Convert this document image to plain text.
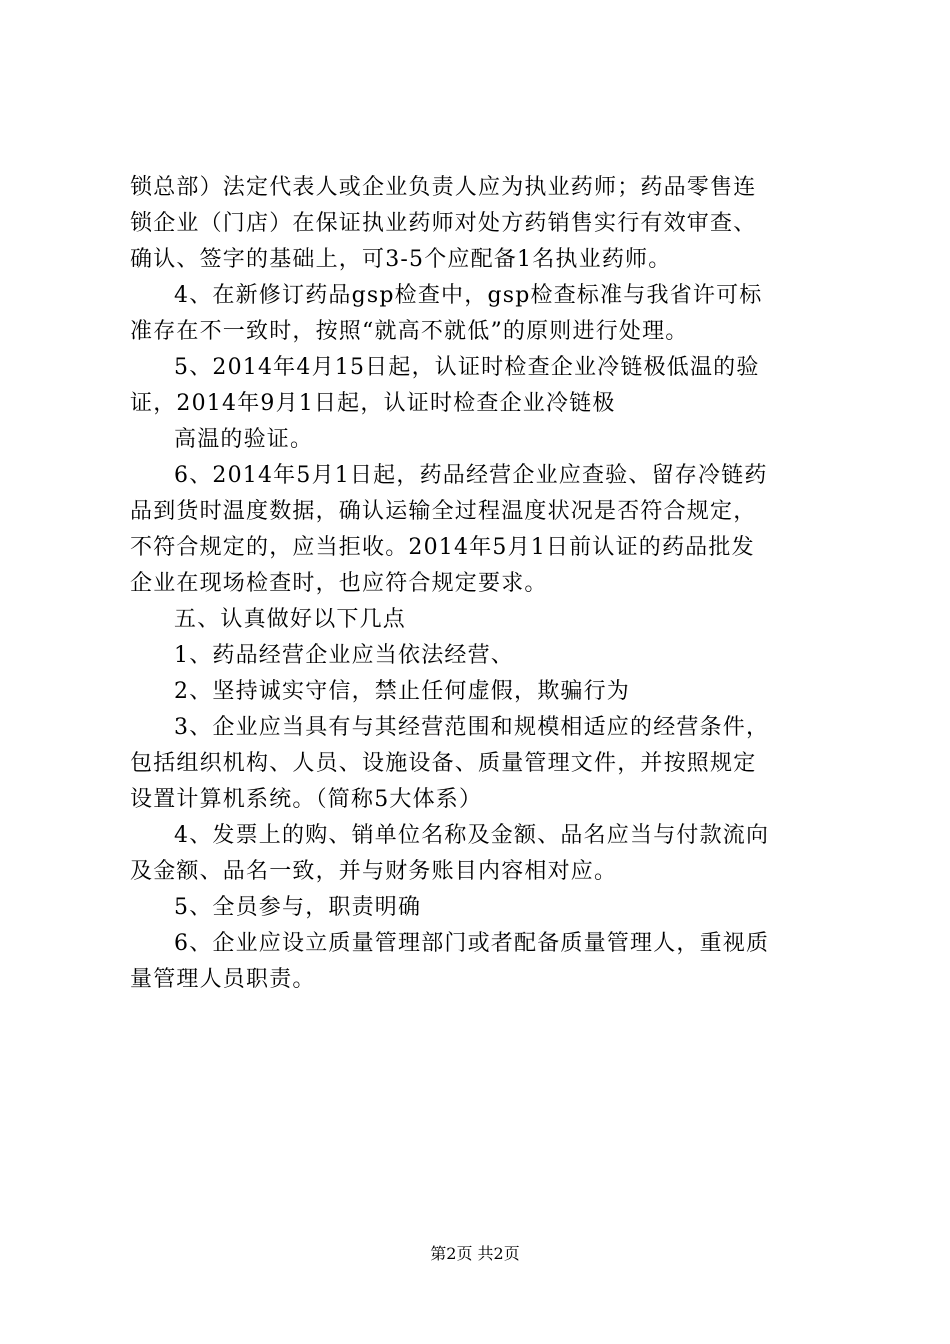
锁总部）法定代表人或企业负责人应为执业药师；药品零售连
锁企业（门店）在保证执业药师对处方药销售实行有效审查、
确认、签字的基础上，可3-5个应配备1名执业药师。
4、在新修订药品gsp检查中，gsp检查标准与我省许可标
准存在不一致时，按照“就高不就低”的原则进行处理。
5、2014年4月15日起，认证时检查企业冷链极低温的验
证，2014年9月1日起，认证时检查企业冷链极
高温的验证。
6、2014年5月1日起，药品经营企业应查验、留存冷链药
品到货时温度数据，确认运输全过程温度状况是否符合规定，
不符合规定的，应当拒收。2014年5月1日前认证的药品批发
企业在现场检查时，也应符合规定要求。
五、认真做好以下几点
1、药品经营企业应当依法经营、
2、坚持诚实守信，禁止任何虚假，欺骗行为
3、企业应当具有与其经营范围和规模相适应的经营条件，
包括组织机构、人员、设施设备、质量管理文件，并按照规定
设置计算机系统。（简称5大体系）
4、发票上的购、销单位名称及金额、品名应当与付款流向
及金额、品名一致，并与财务账目内容相对应。
5、全员参与，职责明确
6、企业应设立质量管理部门或者配备质量管理人，重视质
量管理人员职责。
第2页 共2页
